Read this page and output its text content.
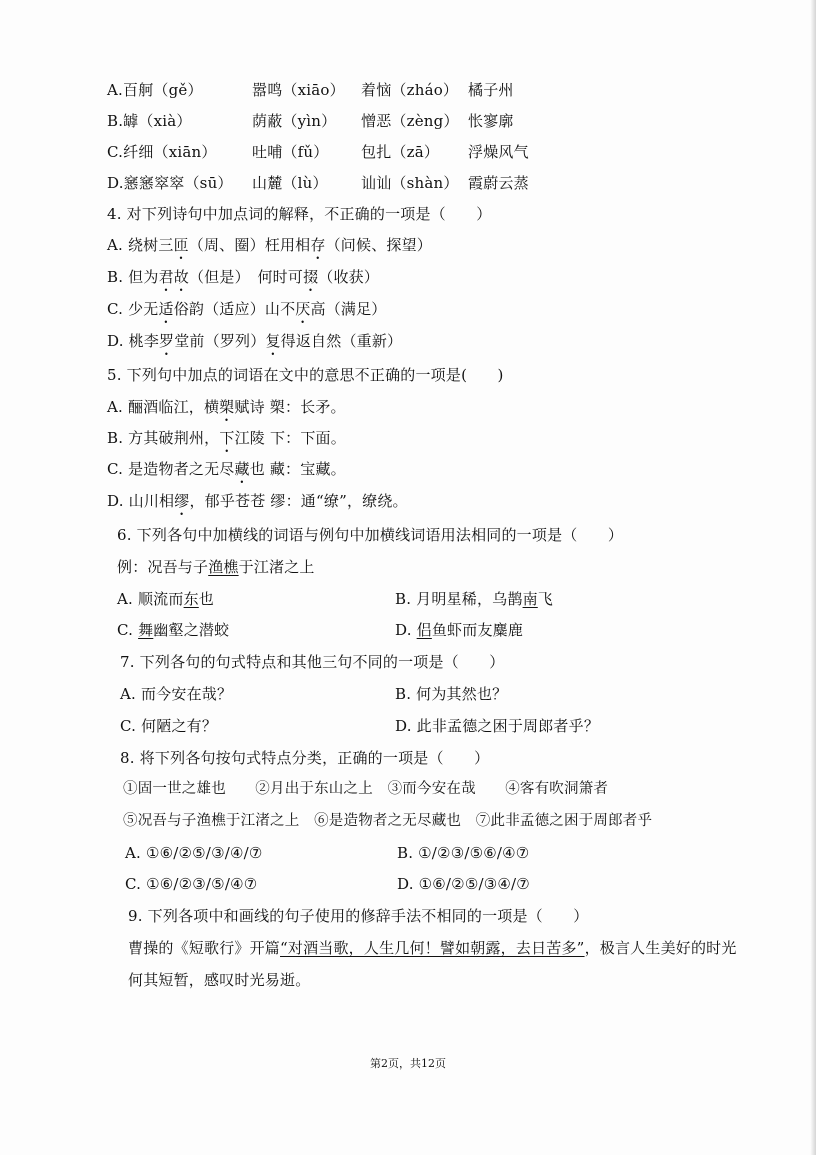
A.百舸（gě）	嚣鸣（xiāo） 着恼（zháo） 橘子州
B.罅（xià）	荫蔽（yìn） 憎恶（zèng） 怅寥廓
C.纤细（xiān） 吐哺（fǔ） 包扎（zā） 浮燥风气
D.窸窸窣窣（sū） 山麓（lù） 讪讪（shàn） 霞蔚云蒸
4. 对下列诗句中加点词的解释，不正确的一项是（　　）
A. 绕树三匝（周、圈）枉用相存（问候、探望）
B. 但为君故（但是）　何时可掇（收获）
C. 少无适俗韵（适应）山不厌高（满足）
D. 桃李罗堂前（罗列）复得返自然（重新）
5. 下列句中加点的词语在文中的意思不正确的一项是(　　)
A. 酾酒临江，横槊赋诗 槊：长矛。
B. 方其破荆州，下江陵 下：下面。
C. 是造物者之无尽藏也 藏：宝藏。
D. 山川相缪，郁乎苍苍 缪：通“缭”，缭绕。
6. 下列各句中加横线的词语与例句中加横线词语用法相同的一项是（　　）
例：况吾与子渔樵于江渚之上
A. 顺流而东也	B. 月明星稀，乌鹊南飞
C. 舞幽壑之潜蛟	D. 侣鱼虾而友麋鹿
7. 下列各句的句式特点和其他三句不同的一项是（　　）
A. 而今安在哉？	B. 何为其然也？
C. 何陋之有？	D. 此非孟德之困于周郎者乎？
8. 将下列各句按句式特点分类，正确的一项是（　　）
①固一世之雄也　　②月出于东山之上　③而今安在哉　　④客有吹洞箫者
⑤况吾与子渔樵于江渚之上　⑥是造物者之无尽藏也　⑦此非孟德之困于周郎者乎
A. ①⑥/②⑤/③/④/⑦	B. ①/②③/⑤⑥/④⑦
C. ①⑥/②③/⑤/④⑦	D. ①⑥/②⑤/③④/⑦
9. 下列各项中和画线的句子使用的修辞手法不相同的一项是（　　）
曹操的《短歌行》开篇“对酒当歌，人生几何！譬如朝露，去日苦多”，极言人生美好的时光
何其短暂，感叹时光易逝。
第2页，共12页
